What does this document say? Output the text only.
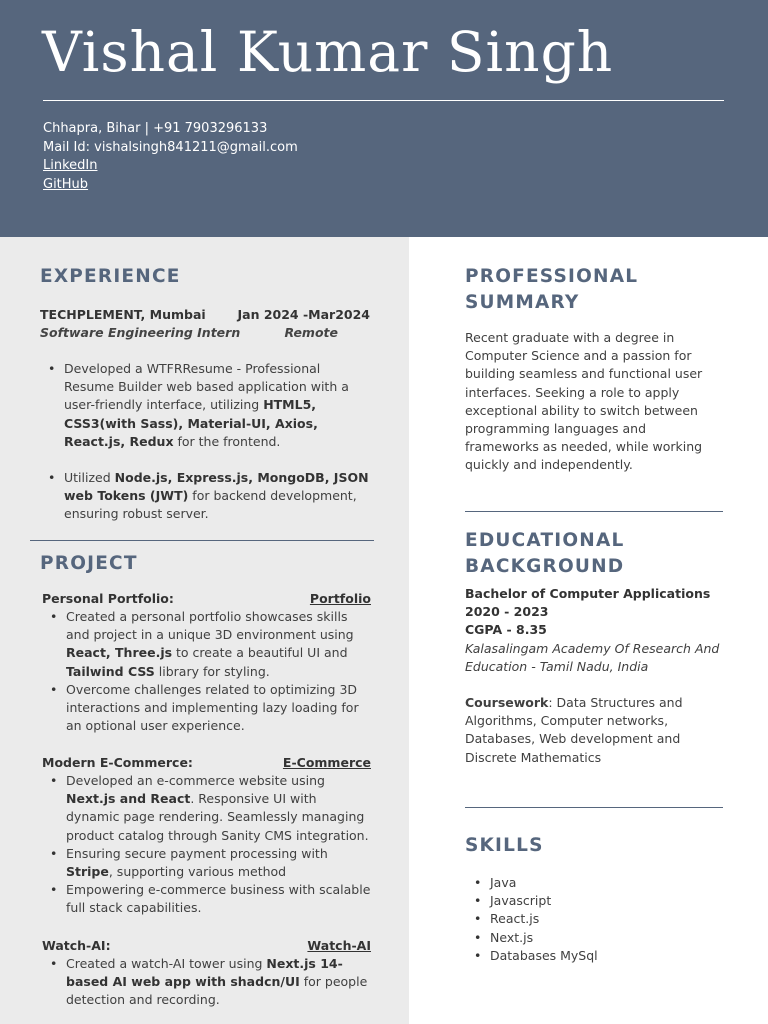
Vishal Kumar Singh
Chhapra, Bihar | +91 7903296133
Mail Id: vishalsingh841211@gmail.com
LinkedIn
GitHub
EXPERIENCE
TECHPLEMENT, Mumbai	Jan 2024 -Mar2024
Software Engineering Intern	Remote
• Developed a WTFRResume - Professional Resume Builder web based application with a user-friendly interface, utilizing HTML5, CSS3(with Sass), Material-UI, Axios, React.js, Redux for the frontend.
• Utilized Node.js, Express.js, MongoDB, JSON web Tokens (JWT) for backend development, ensuring robust server.
PROJECT
Personal Portfolio:	Portfolio
• Created a personal portfolio showcases skills and project in a unique 3D environment using React, Three.js to create a beautiful UI and Tailwind CSS library for styling.
• Overcome challenges related to optimizing 3D interactions and implementing lazy loading for an optional user experience.
Modern E-Commerce:	E-Commerce
• Developed an e-commerce website using Next.js and React. Responsive UI with dynamic page rendering. Seamlessly managing product catalog through Sanity CMS integration.
• Ensuring secure payment processing with Stripe, supporting various method
• Empowering e-commerce business with scalable full stack capabilities.
Watch-AI:	Watch-AI
• Created a watch-AI tower using Next.js 14-based AI web app with shadcn/UI for people detection and recording.
PROFESSIONAL SUMMARY

Recent graduate with a degree in Computer Science and a passion for building seamless and functional user interfaces. Seeking a role to apply exceptional ability to switch between programming languages and frameworks as needed, while working quickly and independently.

EDUCATIONAL BACKGROUND
Bachelor of Computer Applications
2020 - 2023
CGPA - 8.35
Kalasalingam Academy Of Research And Education - Tamil Nadu, India
Coursework: Data Structures and Algorithms, Computer networks, Databases, Web development and Discrete Mathematics
SKILLS
• Java
• Javascript
• React.js
• Next.js
• Databases MySql
